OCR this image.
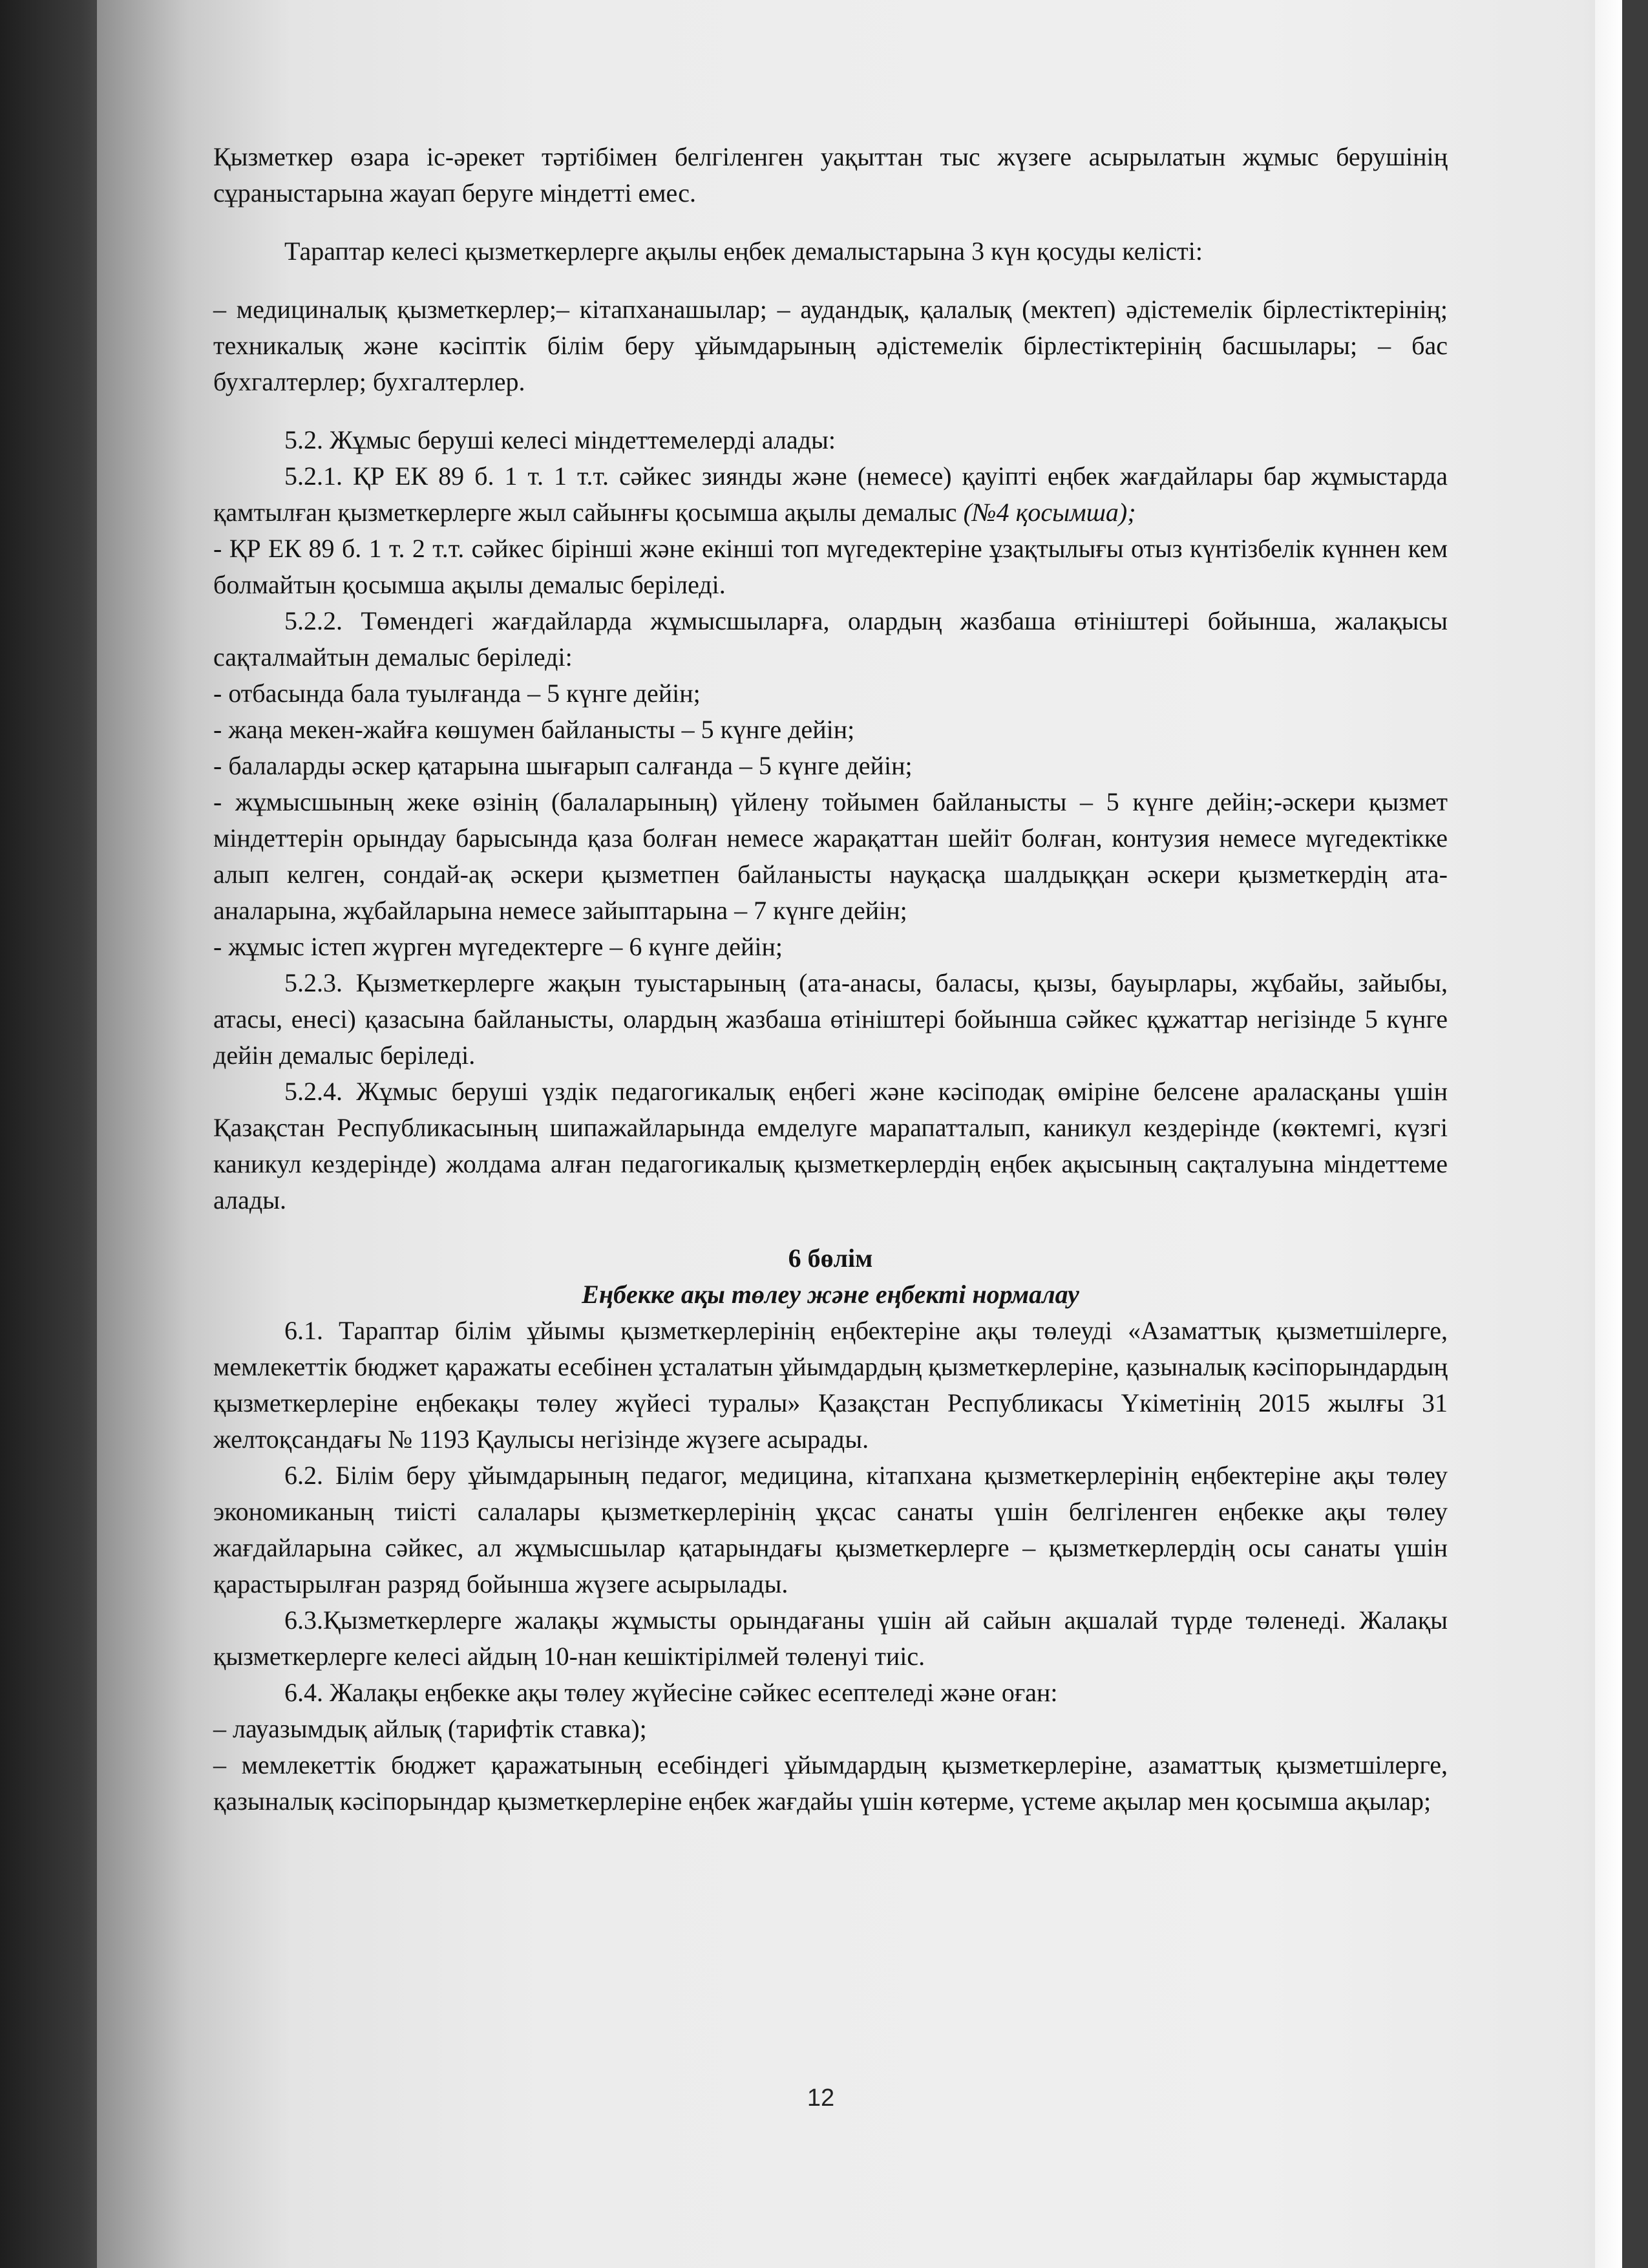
Қызметкер өзара іс-әрекет тәртібімен белгіленген уақыттан тыс жүзеге асырылатын жұмыс берушінің сұраныстарына жауап беруге міндетті емес.

Тараптар келесі қызметкерлерге ақылы еңбек демалыстарына 3 күн қосуды келісті:

– медициналық қызметкерлер;– кітапханашылар; – аудандық, қалалық (мектеп) әдістемелік бірлестіктерінің; техникалық және кәсіптік білім беру ұйымдарының әдістемелік бірлестіктерінің басшылары; – бас бухгалтерлер; бухгалтерлер.

5.2. Жұмыс беруші келесі міндеттемелерді алады:

5.2.1. ҚР ЕК 89 б. 1 т. 1 т.т. сәйкес зиянды және (немесе) қауіпті еңбек жағдайлары бар жұмыстарда қамтылған қызметкерлерге жыл сайынғы қосымша ақылы демалыс (№4 қосымша);

- ҚР ЕК 89 б. 1 т. 2 т.т. сәйкес бірінші және екінші топ мүгедектеріне ұзақтылығы отыз күнтізбелік күннен кем болмайтын қосымша ақылы демалыс беріледі.

5.2.2. Төмендегі жағдайларда жұмысшыларға, олардың жазбаша өтініштері бойынша, жалақысы сақталмайтын демалыс беріледі:

- отбасында бала туылғанда – 5 күнге дейін;

- жаңа мекен-жайға көшумен байланысты – 5 күнге дейін;

- балаларды әскер қатарына шығарып салғанда – 5 күнге дейін;

- жұмысшының жеке өзінің (балаларының) үйлену тойымен байланысты – 5 күнге дейін;-әскери қызмет міндеттерін орындау барысында қаза болған немесе жарақаттан шейіт болған, контузия немесе мүгедектікке алып келген, сондай-ақ әскери қызметпен байланысты науқасқа шалдыққан әскери қызметкердің ата-аналарына, жұбайларына немесе зайыптарына – 7 күнге дейін;

- жұмыс істеп жүрген мүгедектерге – 6 күнге дейін;

5.2.3. Қызметкерлерге жақын туыстарының (ата-анасы, баласы, қызы, бауырлары, жұбайы, зайыбы, атасы, енесі) қазасына байланысты, олардың жазбаша өтініштері бойынша сәйкес құжаттар негізінде 5 күнге дейін демалыс беріледі.

5.2.4. Жұмыс беруші үздік педагогикалық еңбегі және кәсіподақ өміріне белсене араласқаны үшін Қазақстан Республикасының шипажайларында емделуге марапатталып, каникул кездерінде (көктемгі, күзгі каникул кездерінде) жолдама алған педагогикалық қызметкерлердің еңбек ақысының сақталуына міндеттеме алады.

6 бөлім

Еңбекке ақы төлеу және еңбекті нормалау

6.1. Тараптар білім ұйымы қызметкерлерінің еңбектеріне ақы төлеуді «Азаматтық қызметшілерге, мемлекеттік бюджет қаражаты есебінен ұсталатын ұйымдардың қызметкерлеріне, қазыналық кәсіпорындардың қызметкерлеріне еңбекақы төлеу жүйесі туралы» Қазақстан Республикасы Үкіметінің 2015 жылғы 31 желтоқсандағы № 1193 Қаулысы негізінде жүзеге асырады.

6.2. Білім беру ұйымдарының педагог, медицина, кітапхана қызметкерлерінің еңбектеріне ақы төлеу экономиканың тиісті салалары қызметкерлерінің ұқсас санаты үшін белгіленген еңбекке ақы төлеу жағдайларына сәйкес, ал жұмысшылар қатарындағы қызметкерлерге – қызметкерлердің осы санаты үшін қарастырылған разряд бойынша жүзеге асырылады.

6.3.Қызметкерлерге жалақы жұмысты орындағаны үшін ай сайын ақшалай түрде төленеді. Жалақы қызметкерлерге келесі айдың 10-нан кешіктірілмей төленуі тиіс.

6.4. Жалақы еңбекке ақы төлеу жүйесіне сәйкес есептеледі және оған:

– лауазымдық айлық (тарифтік ставка);

– мемлекеттік бюджет қаражатының есебіндегі ұйымдардың қызметкерлеріне, азаматтық қызметшілерге, қазыналық кәсіпорындар қызметкерлеріне еңбек жағдайы үшін көтерме, үстеме ақылар мен қосымша ақылар;

12
